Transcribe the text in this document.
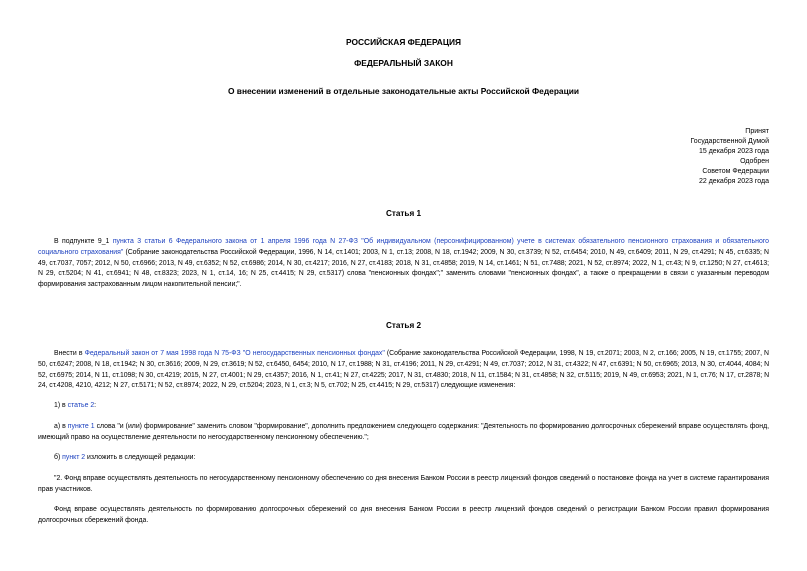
РОССИЙСКАЯ ФЕДЕРАЦИЯ
ФЕДЕРАЛЬНЫЙ ЗАКОН
О внесении изменений в отдельные законодательные акты Российской Федерации
Принят
Государственной Думой
15 декабря 2023 года
Одобрен
Советом Федерации
22 декабря 2023 года
Статья 1
В подпункте 9_1 пункта 3 статьи 6 Федерального закона от 1 апреля 1996 года N 27-ФЗ "Об индивидуальном (персонифицированном) учете в системах обязательного пенсионного страхования и обязательного социального страхования" (Собрание законодательства Российской Федерации, 1996, N 14, ст.1401; 2003, N 1, ст.13; 2008, N 18, ст.1942; 2009, N 30, ст.3739; N 52, ст.6454; 2010, N 49, ст.6409; 2011, N 29, ст.4291; N 45, ст.6335; N 49, ст.7037, 7057; 2012, N 50, ст.6966; 2013, N 49, ст.6352; N 52, ст.6986; 2014, N 30, ст.4217; 2016, N 27, ст.4183; 2018, N 31, ст.4858; 2019, N 14, ст.1461; N 51, ст.7488; 2021, N 52, ст.8974; 2022, N 1, ст.43; N 9, ст.1250; N 27, ст.4613; N 29, ст.5204; N 41, ст.6941; N 48, ст.8323; 2023, N 1, ст.14, 16; N 25, ст.4415; N 29, ст.5317) слова "пенсионных фондах";" заменить словами "пенсионных фондах", а также о прекращении в связи с указанным переводом формирования застрахованным лицом накопительной пенсии;".
Статья 2
Внести в Федеральный закон от 7 мая 1998 года N 75-ФЗ "О негосударственных пенсионных фондах" (Собрание законодательства Российской Федерации, 1998, N 19, ст.2071; 2003, N 2, ст.166; 2005, N 19, ст.1755; 2007, N 50, ст.6247; 2008, N 18, ст.1942; N 30, ст.3616; 2009, N 29, ст.3619; N 52, ст.6450, 6454; 2010, N 17, ст.1988; N 31, ст.4196; 2011, N 29, ст.4291; N 49, ст.7037; 2012, N 31, ст.4322; N 47, ст.6391; N 50, ст.6965; 2013, N 30, ст.4044, 4084; N 52, ст.6975; 2014, N 11, ст.1098; N 30, ст.4219; 2015, N 27, ст.4001; N 29, ст.4357; 2016, N 1, ст.41; N 27, ст.4225; 2017, N 31, ст.4830; 2018, N 11, ст.1584; N 31, ст.4858; N 32, ст.5115; 2019, N 49, ст.6953; 2021, N 1, ст.76; N 17, ст.2878; N 24, ст.4208, 4210, 4212; N 27, ст.5171; N 52, ст.8974; 2022, N 29, ст.5204; 2023, N 1, ст.3; N 5, ст.702; N 25, ст.4415; N 29, ст.5317) следующие изменения:
1) в статье 2:
а) в пункте 1 слова "и (или) формирование" заменить словом "формирование", дополнить предложением следующего содержания: "Деятельность по формированию долгосрочных сбережений вправе осуществлять фонд, имеющий право на осуществление деятельности по негосударственному пенсионному обеспечению.";
б) пункт 2 изложить в следующей редакции:
"2. Фонд вправе осуществлять деятельность по негосударственному пенсионному обеспечению со дня внесения Банком России в реестр лицензий фондов сведений о постановке фонда на учет в системе гарантирования прав участников.
Фонд вправе осуществлять деятельность по формированию долгосрочных сбережений со дня внесения Банком России в реестр лицензий фондов сведений о регистрации Банком России правил формирования долгосрочных сбережений фонда.
